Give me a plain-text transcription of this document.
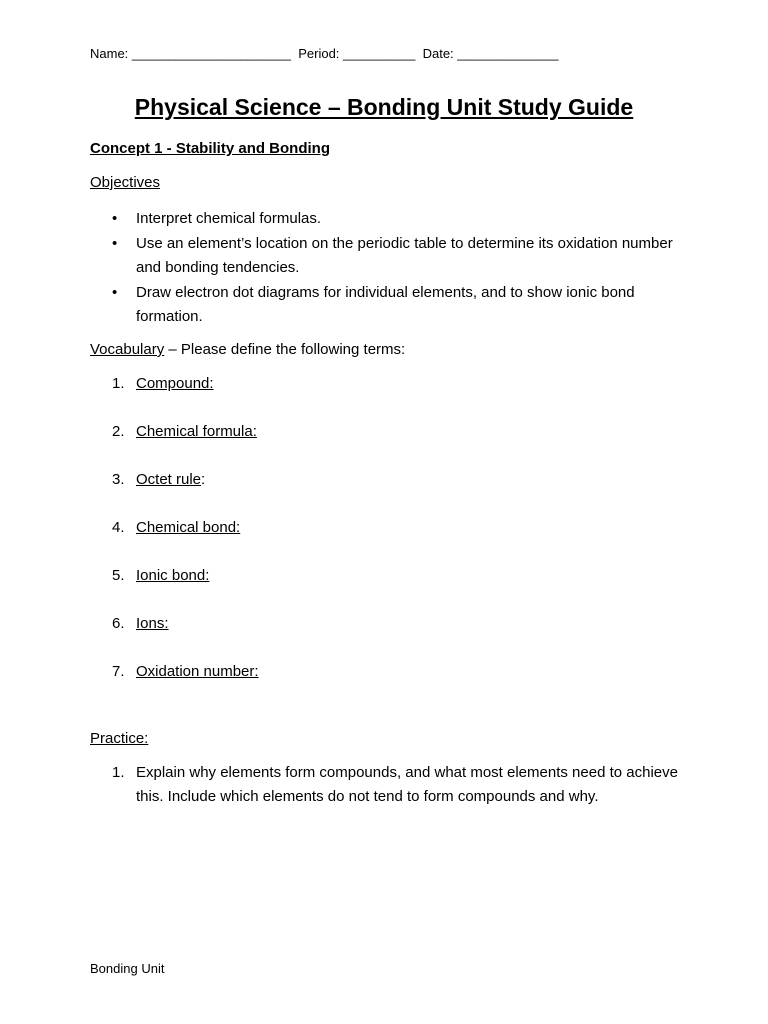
Name: ______________________ Period: __________ Date: ______________
Physical Science – Bonding Unit Study Guide
Concept 1 - Stability and Bonding
Objectives
• Interpret chemical formulas.
• Use an element’s location on the periodic table to determine its oxidation number and bonding tendencies.
• Draw electron dot diagrams for individual elements, and to show ionic bond formation.
Vocabulary – Please define the following terms:
1. Compound:
2. Chemical formula:
3. Octet rule:
4. Chemical bond:
5. Ionic bond:
6. Ions:
7. Oxidation number:
Practice:
1. Explain why elements form compounds, and what most elements need to achieve this. Include which elements do not tend to form compounds and why.
Bonding Unit
